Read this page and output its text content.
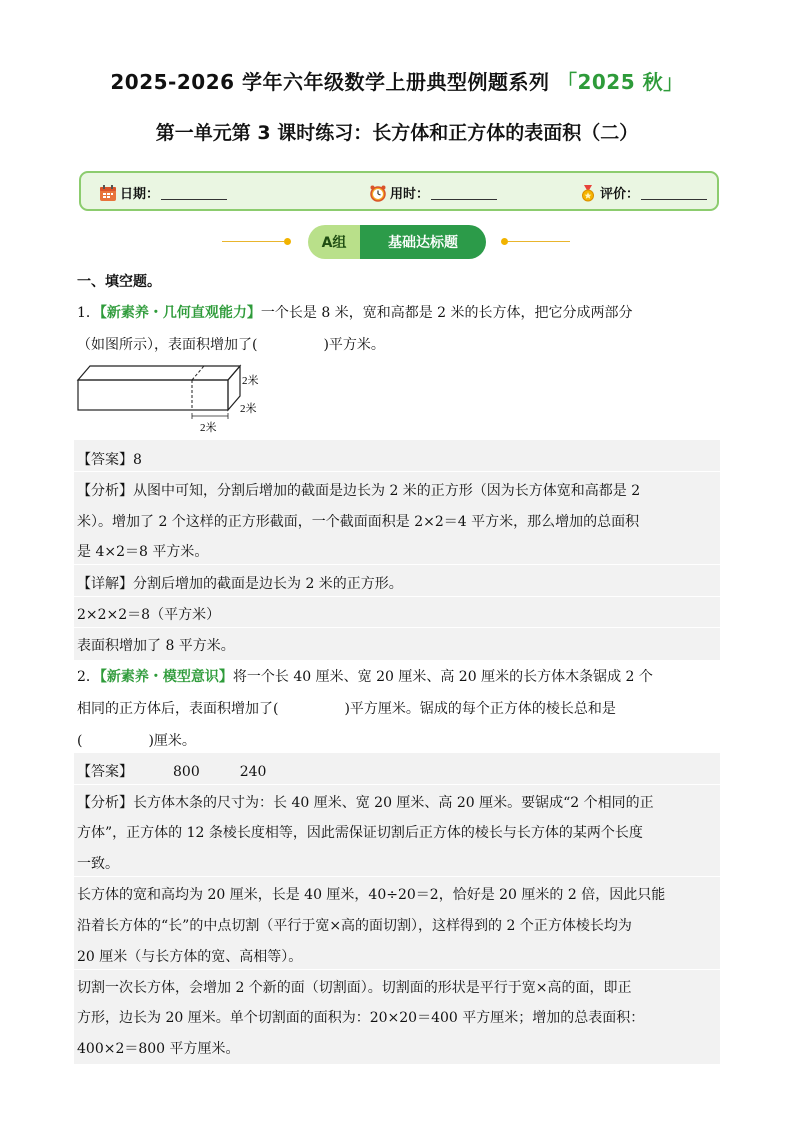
2025-2026 学年六年级数学上册典型例题系列 「2025 秋」
第一单元第 3 课时练习：长方体和正方体的表面积（二）
日期：	用时：	评价：
A组	基础达标题
一、填空题。
1．【新素养・几何直观能力】一个长是 8 米，宽和高都是 2 米的长方体，把它分成两部分
（如图所示），表面积增加了(	)平方米。
2米
2米
2米
【答案】8
【分析】从图中可知，分割后增加的截面是边长为 2 米的正方形（因为长方体宽和高都是 2
米）。增加了 2 个这样的正方形截面，一个截面面积是 2×2＝4 平方米，那么增加的总面积
是 4×2＝8 平方米。
【详解】分割后增加的截面是边长为 2 米的正方形。
2×2×2＝8（平方米）
表面积增加了 8 平方米。
2．【新素养・模型意识】将一个长 40 厘米、宽 20 厘米、高 20 厘米的长方体木条锯成 2 个
相同的正方体后，表面积增加了(	)平方厘米。锯成的每个正方体的棱长总和是
(	)厘米。
【答案】	800	240
【分析】长方体木条的尺寸为：长 40 厘米、宽 20 厘米、高 20 厘米。要锯成“2 个相同的正
方体”，正方体的 12 条棱长度相等，因此需保证切割后正方体的棱长与长方体的某两个长度
一致。
长方体的宽和高均为 20 厘米，长是 40 厘米，40÷20＝2，恰好是 20 厘米的 2 倍，因此只能
沿着长方体的“长”的中点切割（平行于宽×高的面切割），这样得到的 2 个正方体棱长均为
20 厘米（与长方体的宽、高相等）。
切割一次长方体，会增加 2 个新的面（切割面）。切割面的形状是平行于宽×高的面，即正
方形，边长为 20 厘米。单个切割面的面积为：20×20＝400 平方厘米；增加的总表面积：
400×2＝800 平方厘米。
